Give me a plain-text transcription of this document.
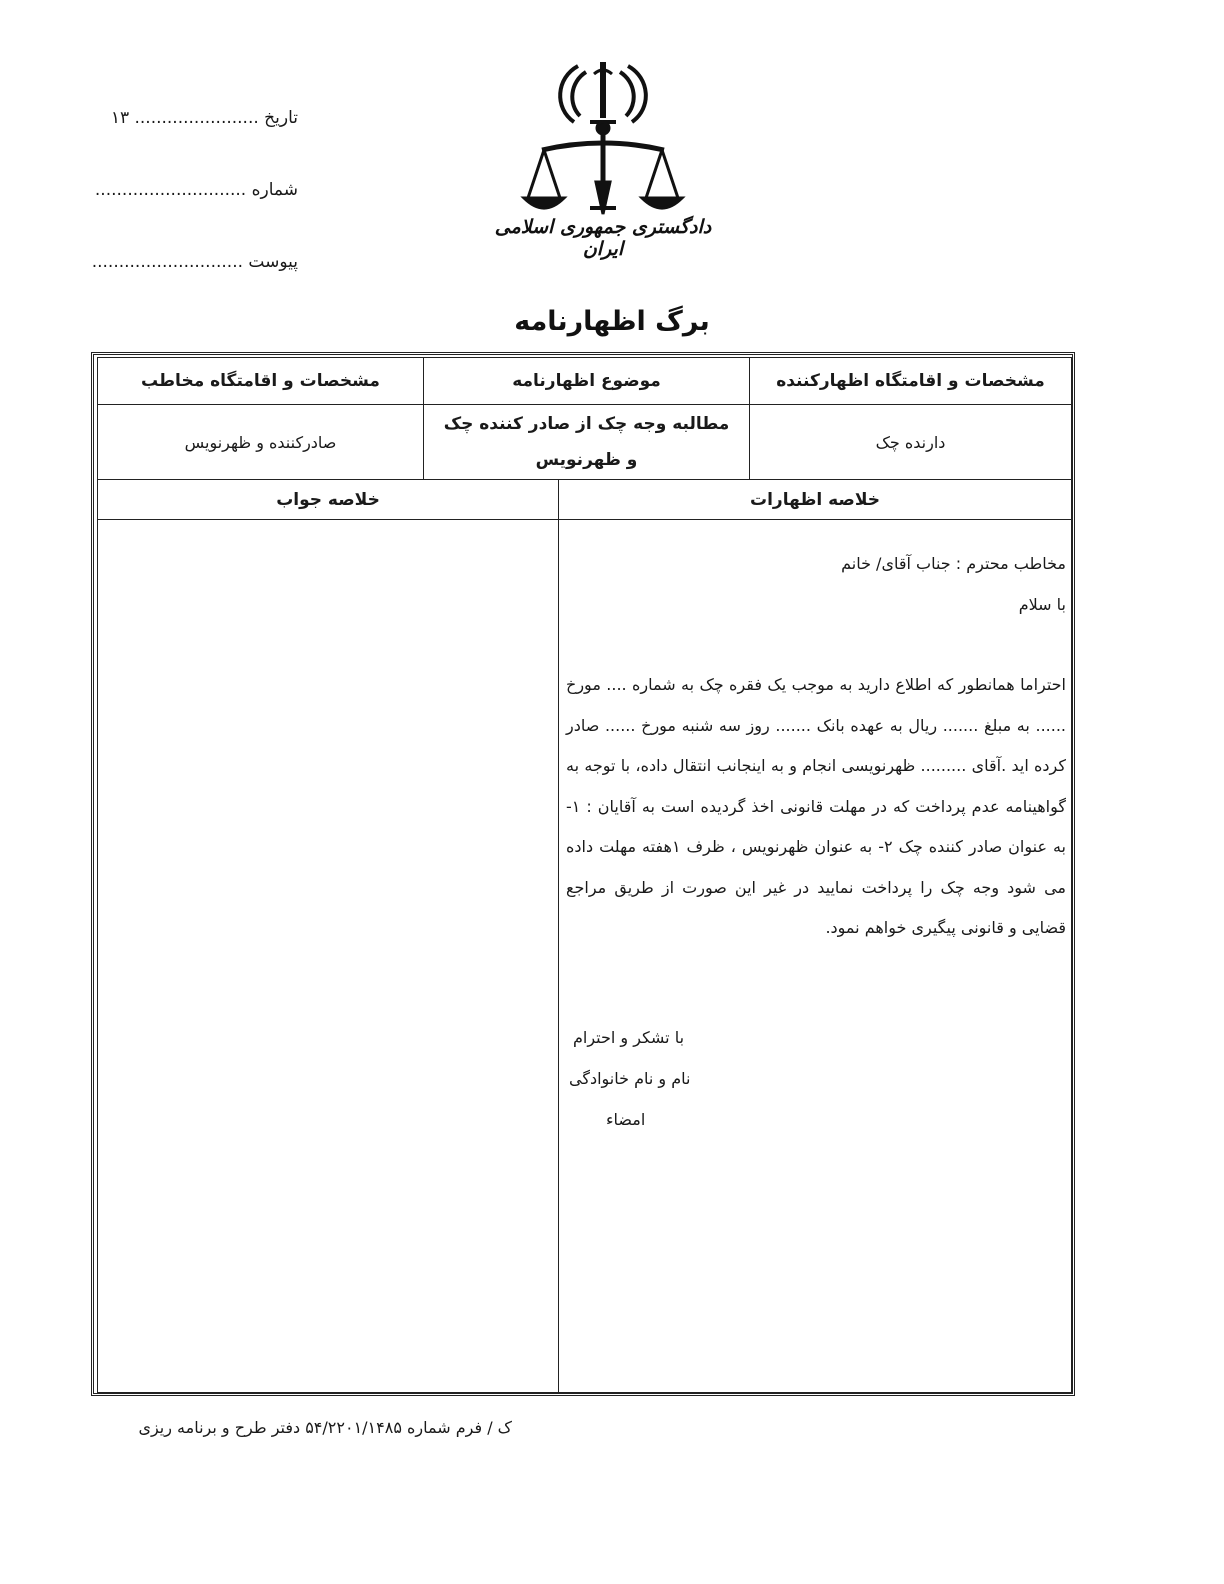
تاریخ ....................... ۱۳
شماره ............................
پیوست ............................
دادگستری جمهوری اسلامی ایران
برگ اظهارنامه
مشخصات و اقامتگاه اظهارکننده
موضوع اظهارنامه
مشخصات و اقامتگاه مخاطب
دارنده چک
مطالبه وجه چک از صادر کننده چک و ظهرنویس
صادرکننده و ظهرنویس
خلاصه اظهارات
خلاصه جواب

مخاطب محترم : جناب آقای/ خانم

با سلام

احتراما همانطور که اطلاع دارید به موجب یک فقره چک به شماره .... مورخ ...... به مبلغ ....... ریال به عهده بانک ....... روز سه شنبه مورخ ...... صادر کرده اید .آقای ......... ظهرنویسی انجام و به اینجانب انتقال داده، با توجه به گواهینامه عدم پرداخت که در مهلت قانونی اخذ گردیده است به آقایان : ۱- به عنوان صادر کننده چک ۲- به عنوان ظهرنویس ، ظرف ۱هفته مهلت داده می شود وجه چک را پرداخت نمایید در غیر این صورت از طریق مراجع قضایی و قانونی پیگیری خواهم نمود.

با تشکر و احترام
نام و نام خانوادگی
امضاء
ک / فرم شماره ۵۴/۲۲۰۱/۱۴۸۵ دفتر طرح و برنامه ریزی
